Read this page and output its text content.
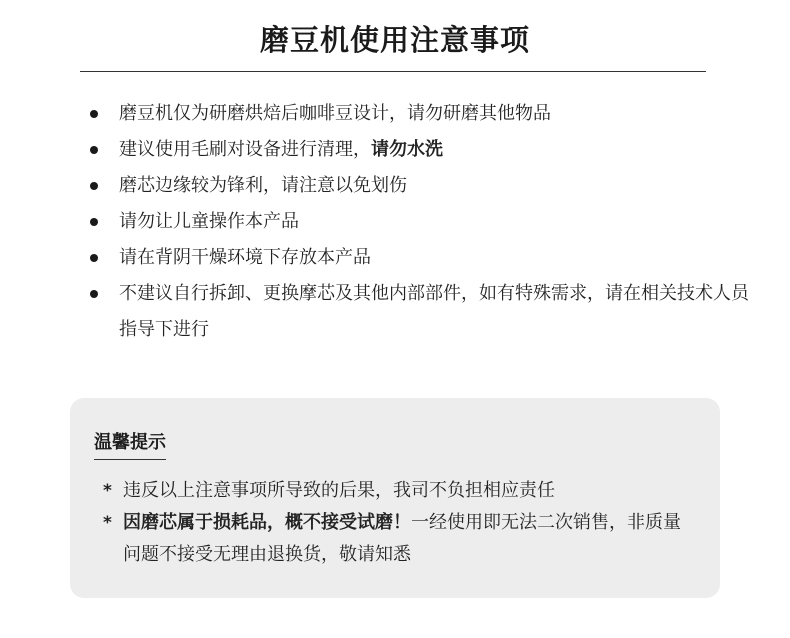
磨豆机使用注意事项
磨豆机仅为研磨烘焙后咖啡豆设计，请勿研磨其他物品
建议使用毛刷对设备进行清理，请勿水洗
磨芯边缘较为锋利，请注意以免划伤
请勿让儿童操作本产品
请在背阴干燥环境下存放本产品
不建议自行拆卸、更换摩芯及其他内部部件，如有特殊需求，请在相关技术人员指导下进行
温馨提示
* 违反以上注意事项所导致的后果，我司不负担相应责任
* 因磨芯属于损耗品，概不接受试磨！一经使用即无法二次销售，非质量问题不接受无理由退换货，敬请知悉
